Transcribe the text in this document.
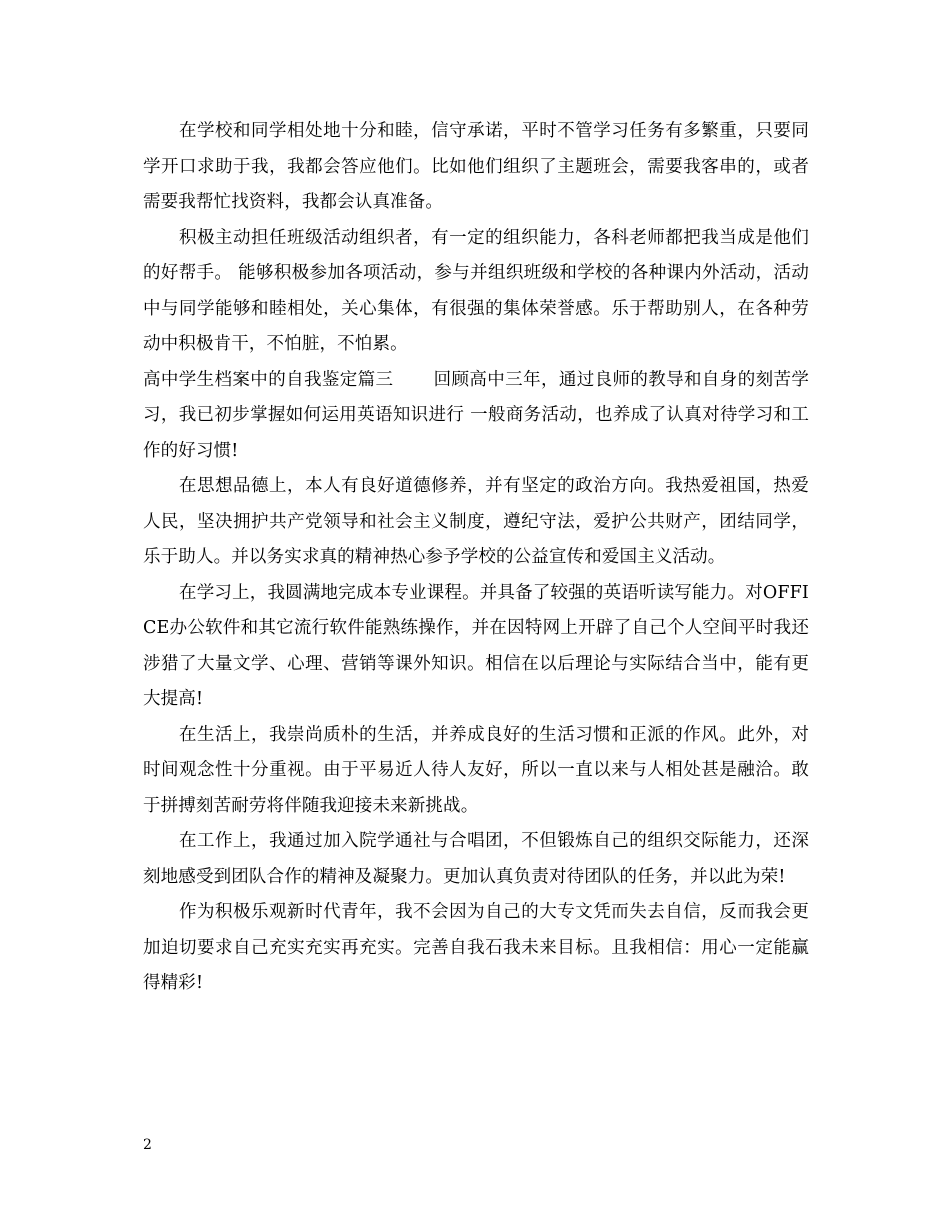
在学校和同学相处地十分和睦，信守承诺，平时不管学习任务有多繁重，只要同学开口求助于我，我都会答应他们。比如他们组织了主题班会，需要我客串的，或者需要我帮忙找资料，我都会认真准备。

积极主动担任班级活动组织者，有一定的组织能力，各科老师都把我当成是他们的好帮手。 能够积极参加各项活动，参与并组织班级和学校的各种课内外活动，活动中与同学能够和睦相处，关心集体，有很强的集体荣誉感。乐于帮助别人，在各种劳动中积极肯干，不怕脏，不怕累。

高中学生档案中的自我鉴定篇三 回顾高中三年，通过良师的教导和自身的刻苦学习，我已初步掌握如何运用英语知识进行 一般商务活动，也养成了认真对待学习和工作的好习惯!

在思想品德上，本人有良好道德修养，并有坚定的政治方向。我热爱祖国，热爱人民，坚决拥护共产党领导和社会主义制度，遵纪守法，爱护公共财产，团结同学，乐于助人。并以务实求真的精神热心参予学校的公益宣传和爱国主义活动。

在学习上，我圆满地完成本专业课程。并具备了较强的英语听读写能力。对OFFICE办公软件和其它流行软件能熟练操作，并在因特网上开辟了自己个人空间平时我还涉猎了大量文学、心理、营销等课外知识。相信在以后理论与实际结合当中，能有更大提高!

在生活上，我崇尚质朴的生活，并养成良好的生活习惯和正派的作风。此外，对时间观念性十分重视。由于平易近人待人友好，所以一直以来与人相处甚是融洽。敢于拼搏刻苦耐劳将伴随我迎接未来新挑战。

在工作上，我通过加入院学通社与合唱团，不但锻炼自己的组织交际能力，还深刻地感受到团队合作的精神及凝聚力。更加认真负责对待团队的任务，并以此为荣!

作为积极乐观新时代青年，我不会因为自己的大专文凭而失去自信，反而我会更加迫切要求自己充实充实再充实。完善自我石我未来目标。且我相信：用心一定能赢得精彩!

2
